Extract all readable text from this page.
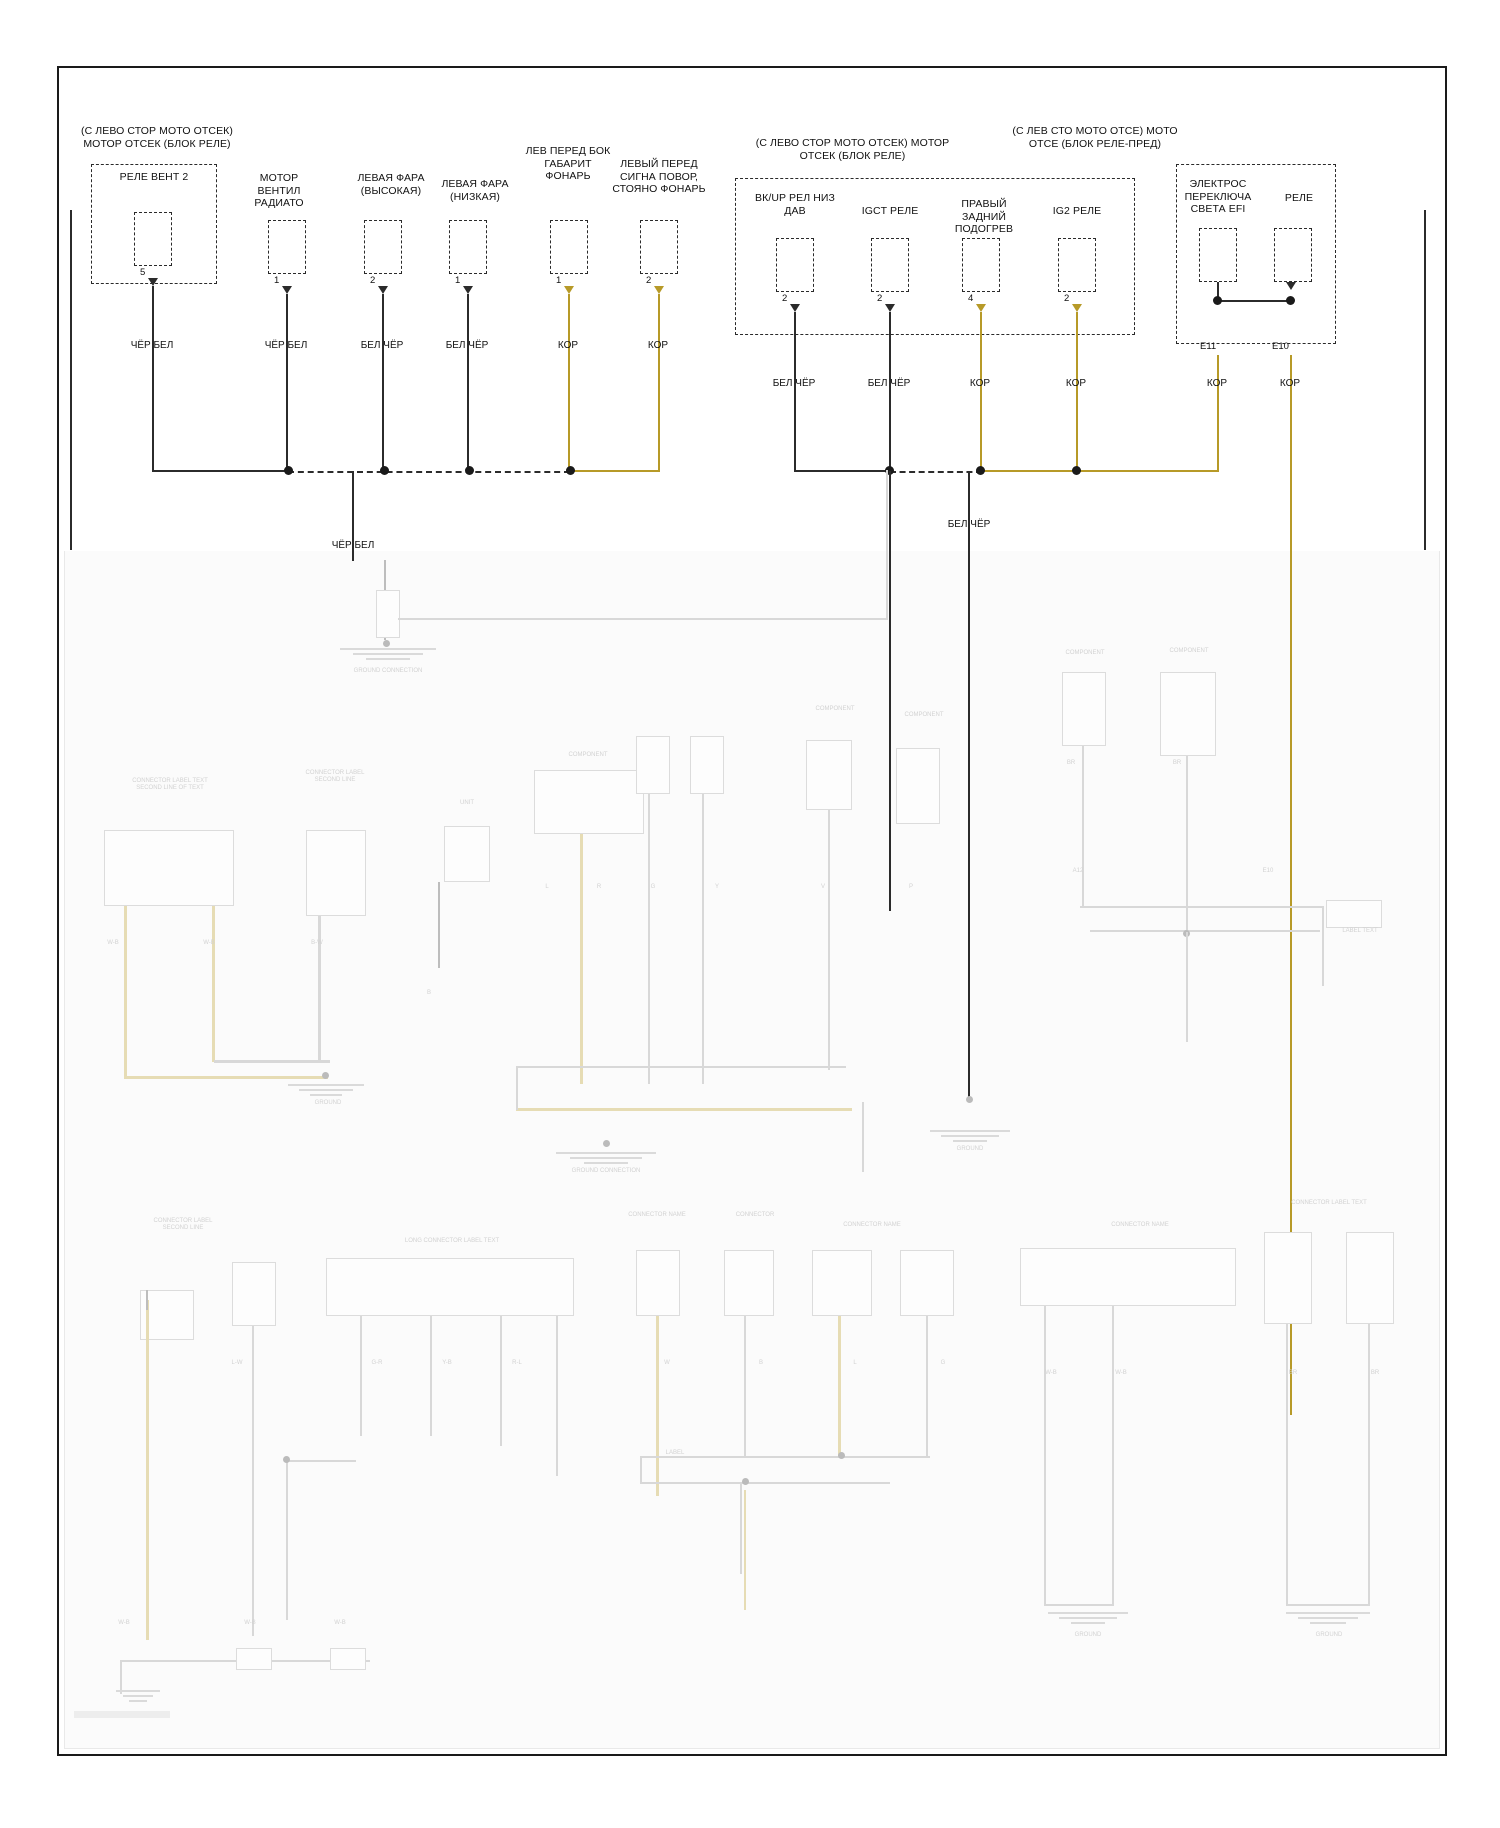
(С ЛЕВО СТОР МОТО ОТСЕК) МОТОР ОТСЕК (БЛОК РЕЛЕ)	(С ЛЕВО СТОР МОТО ОТСЕК) МОТОР ОТСЕК (БЛОК РЕЛЕ)
(С ЛЕВ СТО МОТО ОТСЕ) МОТО ОТСЕ (БЛОК РЕЛЕ-ПРЕД)
РЕЛЕ ВЕНТ 2
5
ЧЁР БЕЛ
МОТОР ВЕНТИЛ РАДИАТО
1
ЧЁР БЕЛ
ЛЕВАЯ ФАРА (ВЫСОКАЯ)
2
БЕЛ ЧЁР
ЛЕВАЯ ФАРА (НИЗКАЯ)
1
БЕЛ ЧЁР
ЛЕВ ПЕРЕД БОК ГАБАРИТ ФОНАРЬ
1
КОР
ЛЕВЫЙ ПЕРЕД СИГНА ПОВОР, СТОЯНО ФОНАРЬ
2
КОР
ВК/UP РЕЛ НИЗ ДАВ
2
БЕЛ ЧЁР
IGCT РЕЛЕ
2
БЕЛ ЧЁР
ПРАВЫЙ ЗАДНИЙ ПОДОГРЕВ
4
КОР
IG2 РЕЛЕ
2
КОР
ЭЛЕКТРОС ПЕРЕКЛЮЧА СВЕТА EFI
E11
КОР
РЕЛЕ
E10
КОР
ЧЁР БЕЛ
БЕЛ ЧЁР
GROUND CONNECTION
CONNECTOR LABEL TEXT
SECOND LINE OF TEXT
CONNECTOR LABEL
SECOND LINE
UNIT
GROUND
COMPONENT
COMPONENT
COMPONENT
GROUND CONNECTION
GROUND
COMPONENT	COMPONENT
LABEL TEXT
A12	E10
CONNECTOR LABEL
SECOND LINE
LONG CONNECTOR LABEL TEXT
CONNECTOR NAME	CONNECTOR
CONNECTOR NAME
LABEL
CONNECTOR NAME
CONNECTOR LABEL TEXT
GROUND	GROUND
W-B	W-B	B-W
B
L	R	G	Y	V	P
BR	BR
L-W	G-R	Y-B	R-L	W	B	L	G
W-B	W-B	BR	BR
W-B	W-B	W-B
